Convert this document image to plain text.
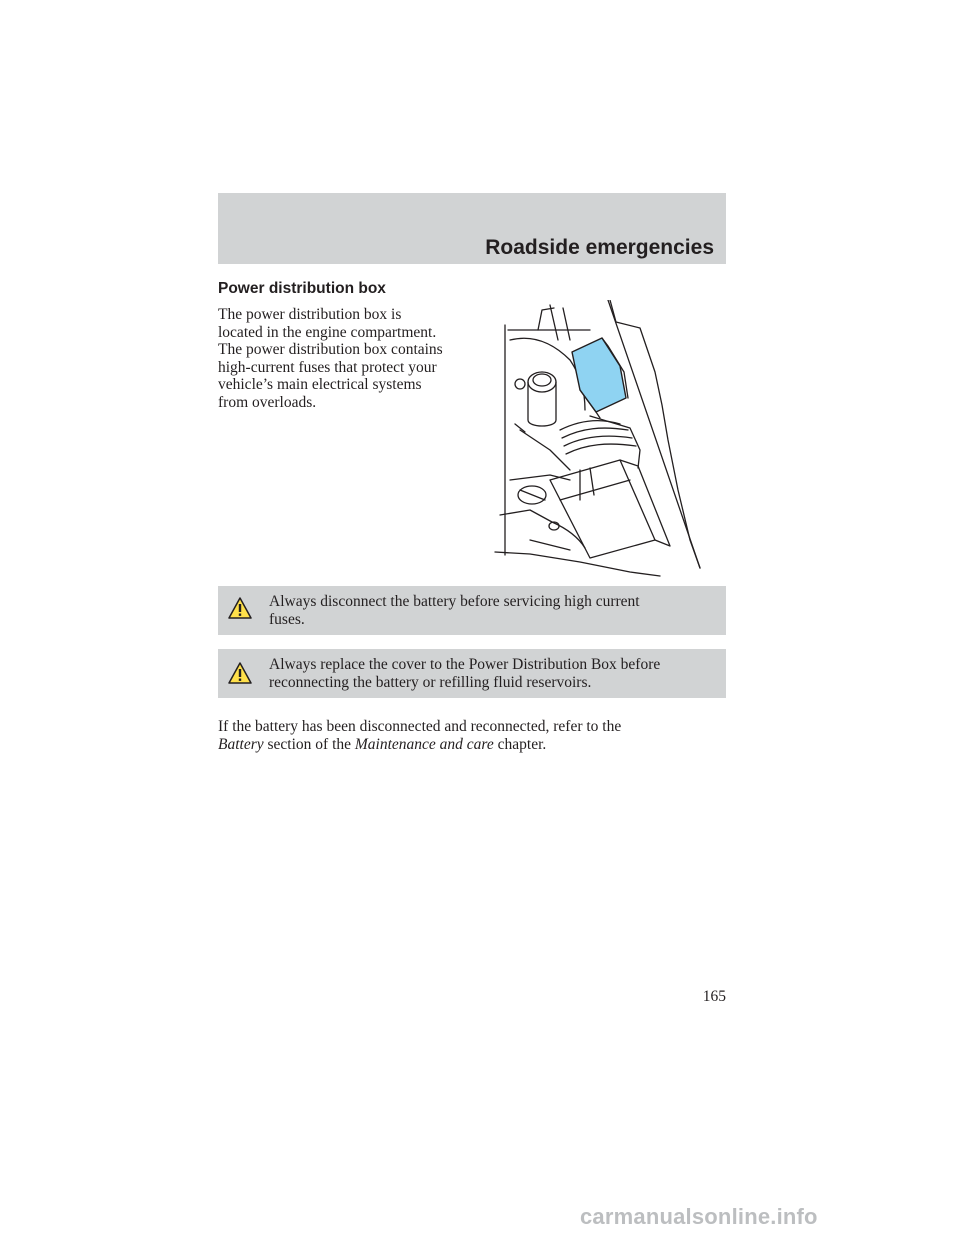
Roadside emergencies
Power distribution box
The power distribution box is
located in the engine compartment.
The power distribution box contains
high-current fuses that protect your
vehicle’s main electrical systems
from overloads.
Always disconnect the battery before servicing high current
fuses.
Always replace the cover to the Power Distribution Box before
reconnecting the battery or refilling fluid reservoirs.
If the battery has been disconnected and reconnected, refer to the
Battery section of the Maintenance and care chapter.
165
carmanualsonline.info
